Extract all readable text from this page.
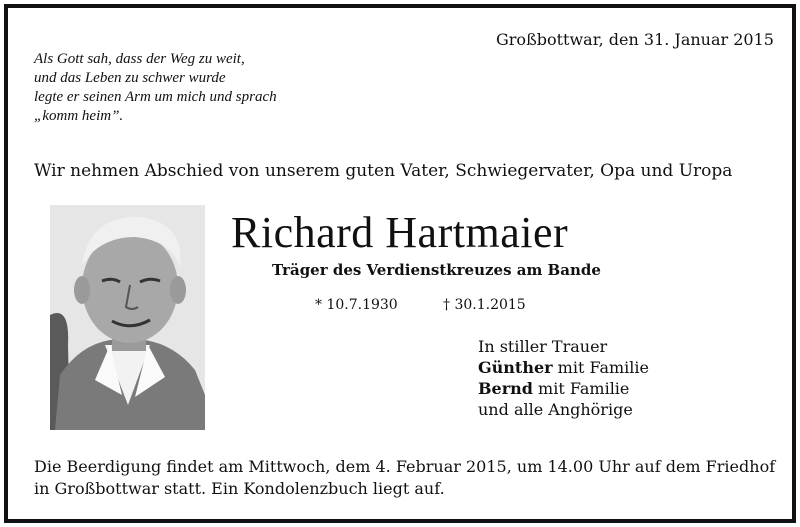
Großbottwar, den 31. Januar 2015
Als Gott sah, dass der Weg zu weit,
und das Leben zu schwer wurde
legte er seinen Arm um mich und sprach
„komm heim”.
Wir nehmen Abschied von unserem guten Vater, Schwiegervater, Opa und Uropa
Richard Hartmaier
Träger des Verdienstkreuzes am Bande
* 10.7.1930	† 30.1.2015
In stiller Trauer
Günther mit Familie
Bernd mit Familie
und alle Anghörige
Die Beerdigung findet am Mittwoch, dem 4. Februar 2015, um 14.00 Uhr auf dem Friedhof
in Großbottwar statt. Ein Kondolenzbuch liegt auf.
